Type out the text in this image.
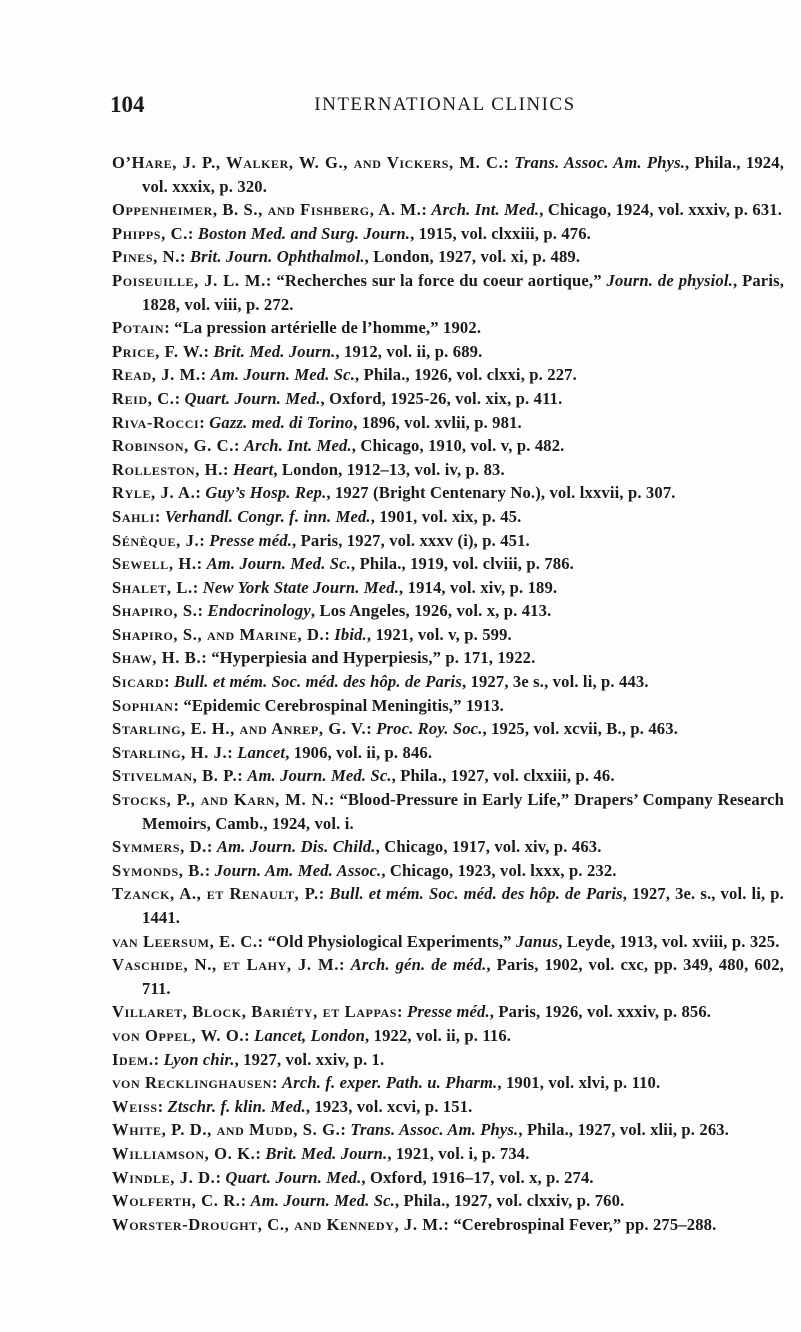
104	INTERNATIONAL CLINICS
O’Hare, J. P., Walker, W. G., and Vickers, M. C.: Trans. Assoc. Am. Phys., Phila., 1924, vol. xxxix, p. 320.
Oppenheimer, B. S., and Fishberg, A. M.: Arch. Int. Med., Chicago, 1924, vol. xxxiv, p. 631.
Phipps, C.: Boston Med. and Surg. Journ., 1915, vol. clxxiii, p. 476.
Pines, N.: Brit. Journ. Ophthalmol., London, 1927, vol. xi, p. 489.
Poiseuille, J. L. M.: “Recherches sur la force du coeur aortique,” Journ. de physiol., Paris, 1828, vol. viii, p. 272.
Potain: “La pression artérielle de l’homme,” 1902.
Price, F. W.: Brit. Med. Journ., 1912, vol. ii, p. 689.
Read, J. M.: Am. Journ. Med. Sc., Phila., 1926, vol. clxxi, p. 227.
Reid, C.: Quart. Journ. Med., Oxford, 1925-26, vol. xix, p. 411.
Riva-Rocci: Gazz. med. di Torino, 1896, vol. xvlii, p. 981.
Robinson, G. C.: Arch. Int. Med., Chicago, 1910, vol. v, p. 482.
Rolleston, H.: Heart, London, 1912–13, vol. iv, p. 83.
Ryle, J. A.: Guy’s Hosp. Rep., 1927 (Bright Centenary No.), vol. lxxvii, p. 307.
Sahli: Verhandl. Congr. f. inn. Med., 1901, vol. xix, p. 45.
Sénèque, J.: Presse méd., Paris, 1927, vol. xxxv (i), p. 451.
Sewell, H.: Am. Journ. Med. Sc., Phila., 1919, vol. clviii, p. 786.
Shalet, L.: New York State Journ. Med., 1914, vol. xiv, p. 189.
Shapiro, S.: Endocrinology, Los Angeles, 1926, vol. x, p. 413.
Shapiro, S., and Marine, D.: Ibid., 1921, vol. v, p. 599.
Shaw, H. B.: “Hyperpiesia and Hyperpiesis,” p. 171, 1922.
Sicard: Bull. et mém. Soc. méd. des hôp. de Paris, 1927, 3e s., vol. li, p. 443.
Sophian: “Epidemic Cerebrospinal Meningitis,” 1913.
Starling, E. H., and Anrep, G. V.: Proc. Roy. Soc., 1925, vol. xcvii, B., p. 463.
Starling, H. J.: Lancet, 1906, vol. ii, p. 846.
Stivelman, B. P.: Am. Journ. Med. Sc., Phila., 1927, vol. clxxiii, p. 46.
Stocks, P., and Karn, M. N.: “Blood-Pressure in Early Life,” Drapers’ Company Research Memoirs, Camb., 1924, vol. i.
Symmers, D.: Am. Journ. Dis. Child., Chicago, 1917, vol. xiv, p. 463.
Symonds, B.: Journ. Am. Med. Assoc., Chicago, 1923, vol. lxxx, p. 232.
Tzanck, A., et Renault, P.: Bull. et mém. Soc. méd. des hôp. de Paris, 1927, 3e. s., vol. li, p. 1441.
van Leersum, E. C.: “Old Physiological Experiments,” Janus, Leyde, 1913, vol. xviii, p. 325.
Vaschide, N., et Lahy, J. M.: Arch. gén. de méd., Paris, 1902, vol. cxc, pp. 349, 480, 602, 711.
Villaret, Block, Bariéty, et Lappas: Presse méd., Paris, 1926, vol. xxxiv, p. 856.
von Oppel, W. O.: Lancet, London, 1922, vol. ii, p. 116.
Idem.: Lyon chir., 1927, vol. xxiv, p. 1.
von Recklinghausen: Arch. f. exper. Path. u. Pharm., 1901, vol. xlvi, p. 110.
Weiss: Ztschr. f. klin. Med., 1923, vol. xcvi, p. 151.
White, P. D., and Mudd, S. G.: Trans. Assoc. Am. Phys., Phila., 1927, vol. xlii, p. 263.
Williamson, O. K.: Brit. Med. Journ., 1921, vol. i, p. 734.
Windle, J. D.: Quart. Journ. Med., Oxford, 1916–17, vol. x, p. 274.
Wolferth, C. R.: Am. Journ. Med. Sc., Phila., 1927, vol. clxxiv, p. 760.
Worster-Drought, C., and Kennedy, J. M.: “Cerebrospinal Fever,” pp. 275–288.
